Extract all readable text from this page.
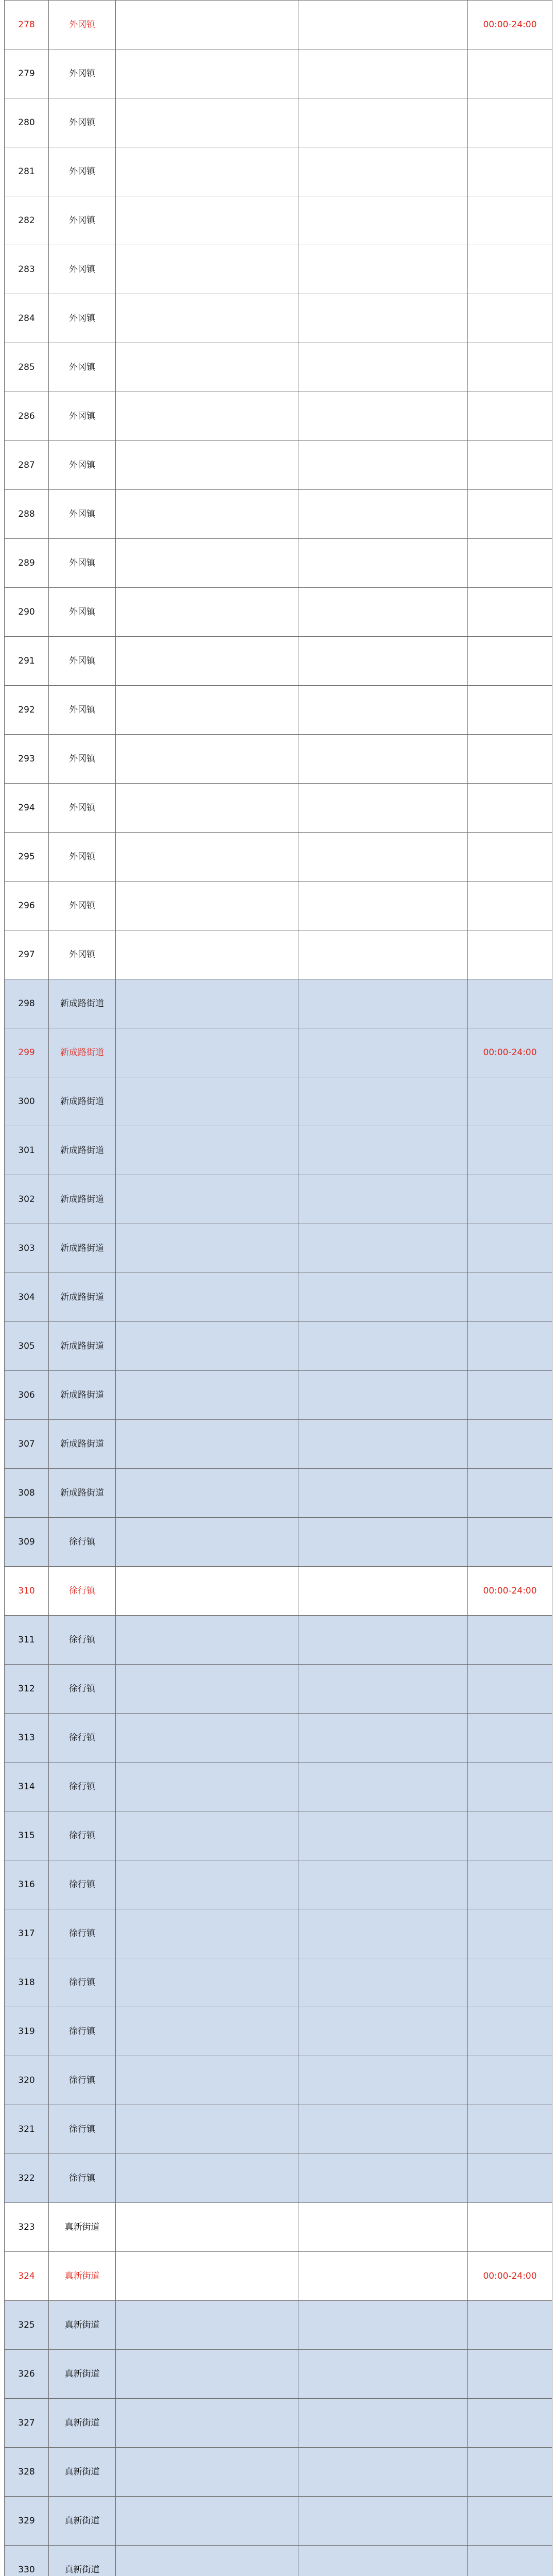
278	外冈镇			00:00-24:00
279	外冈镇			
280	外冈镇			
281	外冈镇			
282	外冈镇			
283	外冈镇			
284	外冈镇			
285	外冈镇			
286	外冈镇			
287	外冈镇			
288	外冈镇			
289	外冈镇			
290	外冈镇			
291	外冈镇			
292	外冈镇			
293	外冈镇			
294	外冈镇			
295	外冈镇			
296	外冈镇			
297	外冈镇			
298	新成路街道			
299	新成路街道			00:00-24:00
300	新成路街道			
301	新成路街道			
302	新成路街道			
303	新成路街道			
304	新成路街道			
305	新成路街道			
306	新成路街道			
307	新成路街道			
308	新成路街道			
309	徐行镇			
310	徐行镇			00:00-24:00
311	徐行镇			
312	徐行镇			
313	徐行镇			
314	徐行镇			
315	徐行镇			
316	徐行镇			
317	徐行镇			
318	徐行镇			
319	徐行镇			
320	徐行镇			
321	徐行镇			
322	徐行镇			
323	真新街道			
324	真新街道			00:00-24:00
325	真新街道			
326	真新街道			
327	真新街道			
328	真新街道			
329	真新街道			
330	真新街道			
